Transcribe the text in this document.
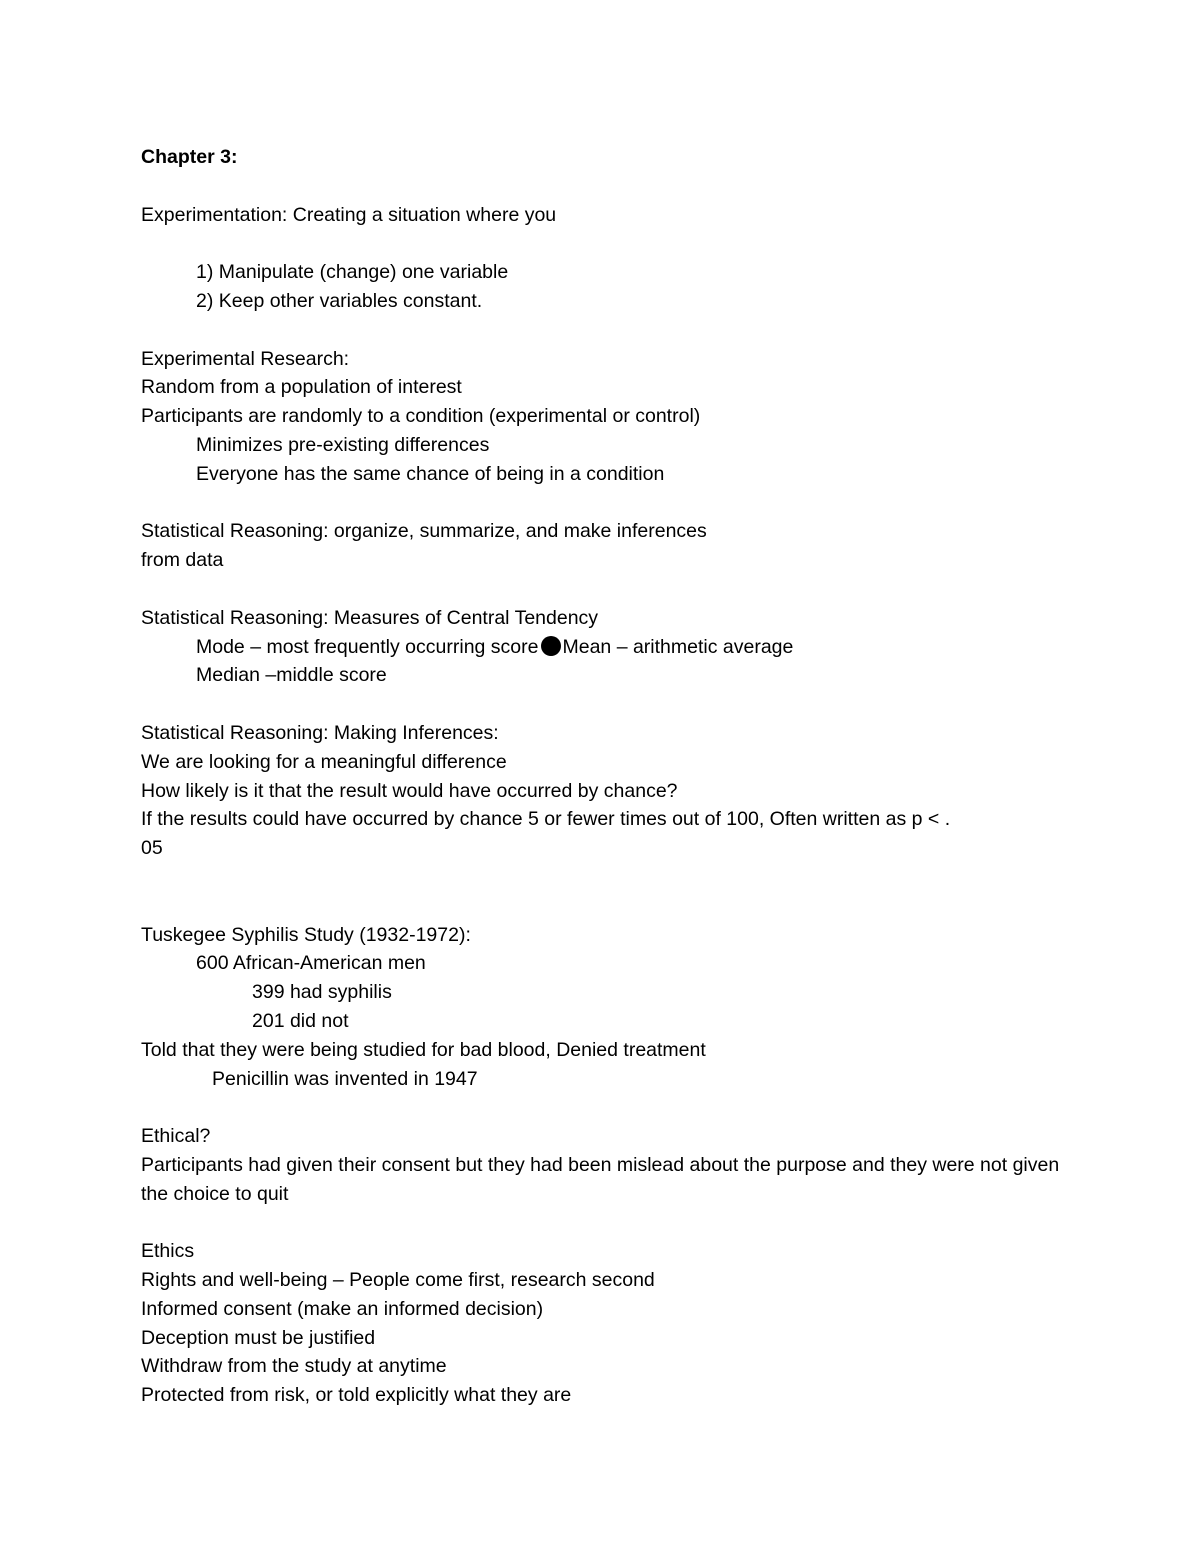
Chapter 3:
Experimentation: Creating a situation where you
1) Manipulate (change) one variable
2) Keep other variables constant.
Experimental Research:
Random from a population of interest
Participants are randomly to a condition (experimental or control)
Minimizes pre-existing differences
Everyone has the same chance of being in a condition
Statistical Reasoning: organize, summarize, and make inferences
from data
Statistical Reasoning: Measures of Central Tendency
Mode – most frequently occurring score Mean – arithmetic average
Median –middle score
Statistical Reasoning: Making Inferences:
We are looking for a meaningful difference
How likely is it that the result would have occurred by chance?
If the results could have occurred by chance 5 or fewer times out of 100, Often written as p < .
05
Tuskegee Syphilis Study (1932-1972):
600 African-American men
399 had syphilis
201 did not
Told that they were being studied for bad blood, Denied treatment
Penicillin was invented in 1947
Ethical?
Participants had given their consent but they had been mislead about the purpose and they were not given the choice to quit
Ethics
Rights and well-being – People come first, research second
Informed consent (make an informed decision)
Deception must be justified
Withdraw from the study at anytime
Protected from risk, or told explicitly what they are
